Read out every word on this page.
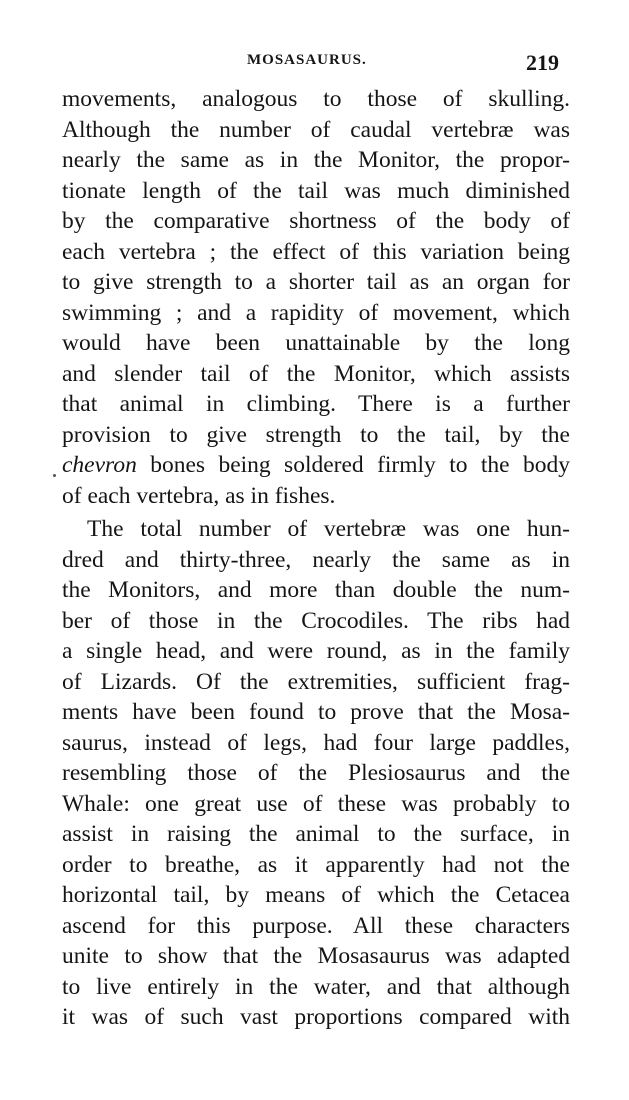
MOSASAURUS.	219
movements, analogous to those of skulling.
Although the number of caudal vertebræ was
nearly the same as in the Monitor, the propor-
tionate length of the tail was much diminished
by the comparative shortness of the body of
each vertebra ; the effect of this variation being
to give strength to a shorter tail as an organ for
swimming ; and a rapidity of movement, which
would have been unattainable by the long
and slender tail of the Monitor, which assists
that animal in climbing. There is a further
provision to give strength to the tail, by the
chevron bones being soldered firmly to the body
of each vertebra, as in fishes.
The total number of vertebræ was one hun-
dred and thirty-three, nearly the same as in
the Monitors, and more than double the num-
ber of those in the Crocodiles. The ribs had
a single head, and were round, as in the family
of Lizards. Of the extremities, sufficient frag-
ments have been found to prove that the Mosa-
saurus, instead of legs, had four large paddles,
resembling those of the Plesiosaurus and the
Whale: one great use of these was probably to
assist in raising the animal to the surface, in
order to breathe, as it apparently had not the
horizontal tail, by means of which the Cetacea
ascend for this purpose. All these characters
unite to show that the Mosasaurus was adapted
to live entirely in the water, and that although
it was of such vast proportions compared with
